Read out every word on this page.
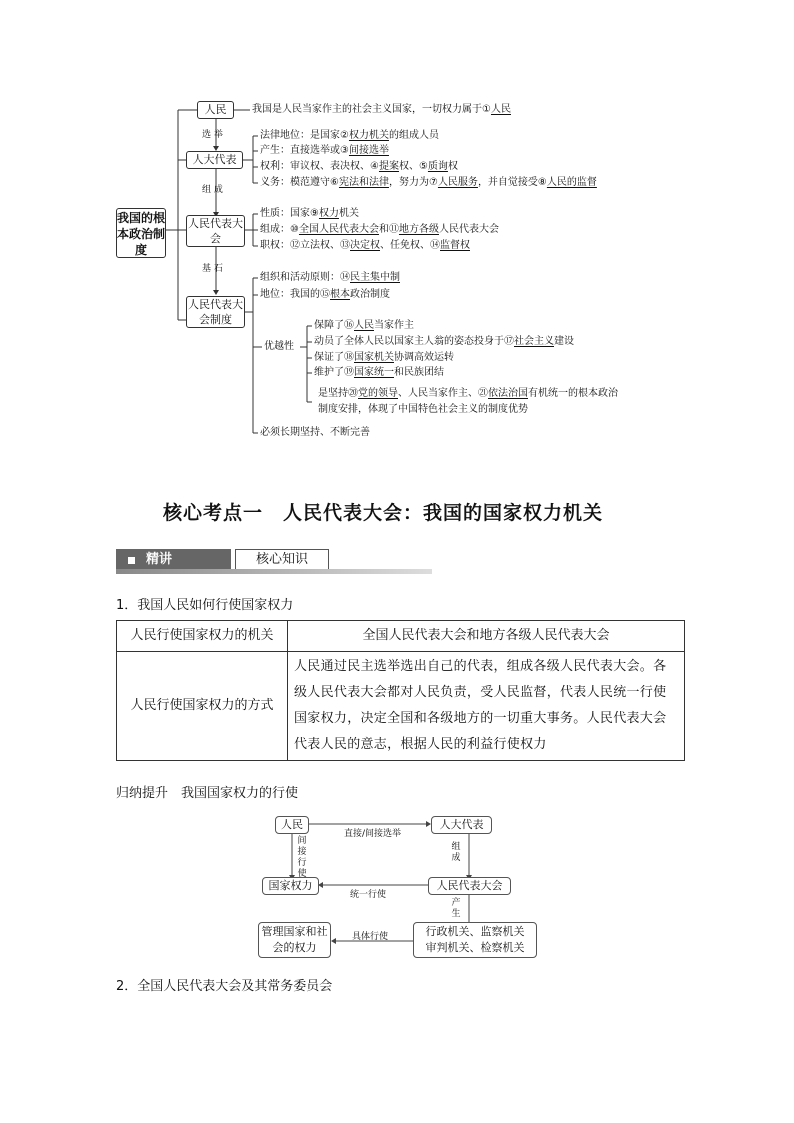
我国的根本政治制度
人民
人大代表
人民代表大会
人民代表大会制度
选 举
组 成
基 石
我国是人民当家作主的社会主义国家，一切权力属于①人民
法律地位：是国家②权力机关的组成人员
产生：直接选举或③间接选举
权利：审议权、表决权、④提案权、⑤质询权
义务：模范遵守⑥宪法和法律，努力为⑦人民服务，并自觉接受⑧人民的监督
性质：国家⑨权力机关
组成：⑩全国人民代表大会和⑪地方各级人民代表大会
职权：⑫立法权、⑬决定权、任免权、⑭监督权
组织和活动原则：⑭民主集中制
地位：我国的⑮根本政治制度
优越性
保障了⑯人民当家作主
动员了全体人民以国家主人翁的姿态投身于⑰社会主义建设
保证了⑱国家机关协调高效运转
维护了⑲国家统一和民族团结
是坚持⑳党的领导、人民当家作主、㉑依法治国有机统一的根本政治
制度安排，体现了中国特色社会主义的制度优势
必须长期坚持、不断完善
核心考点一　人民代表大会：我国的国家权力机关
精讲	核心知识
1．我国人民如何行使国家权力
人民行使国家权力的机关	全国人民代表大会和地方各级人民代表大会
人民行使国家权力的方式	人民通过民主选举选出自己的代表，组成各级人民代表大会。各级人民代表大会都对人民负责，受人民监督，代表人民统一行使国家权力，决定全国和各级地方的一切重大事务。人民代表大会代表人民的意志，根据人民的利益行使权力
归纳提升　我国国家权力的行使
人民	人大代表
国家权力	人民代表大会
管理国家和社会的权力
行政机关、监察机关
审判机关、检察机关
直接/间接选举
间接行使
组成
统一行使
产生
具体行使
2．全国人民代表大会及其常务委员会
